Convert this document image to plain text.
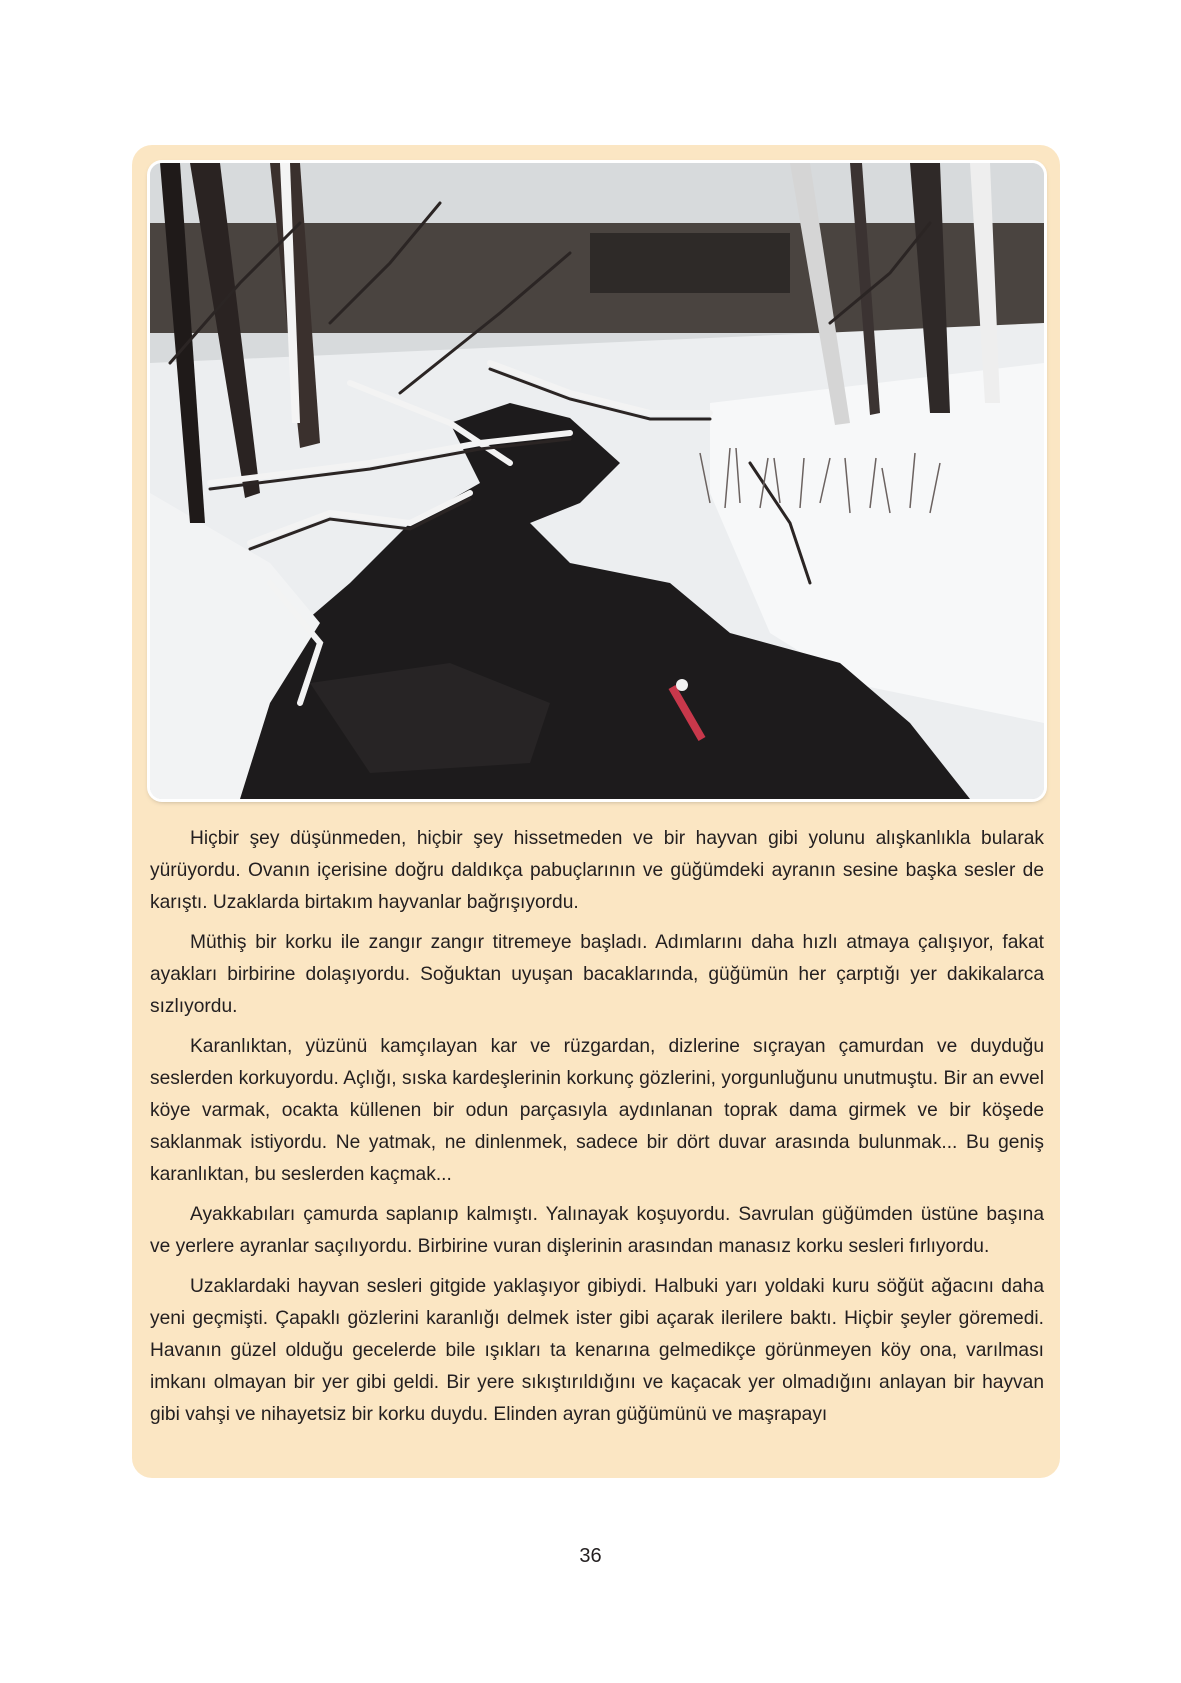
Hiçbir şey düşünmeden, hiçbir şey hissetmeden ve bir hayvan gibi yolunu alışkanlıkla bularak yürüyordu. Ovanın içerisine doğru daldıkça pabuçlarının ve güğümdeki ayranın sesine başka sesler de karıştı. Uzaklarda birtakım hayvanlar bağrışıyordu.

Müthiş bir korku ile zangır zangır titremeye başladı. Adımlarını daha hızlı atmaya çalışıyor, fakat ayakları birbirine dolaşıyordu. Soğuktan uyuşan bacaklarında, güğümün her çarptığı yer dakikalarca sızlıyordu.

Karanlıktan, yüzünü kamçılayan kar ve rüzgardan, dizlerine sıçrayan çamurdan ve duyduğu seslerden korkuyordu. Açlığı, sıska kardeşlerinin korkunç gözlerini, yorgunluğunu unutmuştu. Bir an evvel köye varmak, ocakta küllenen bir odun parçasıyla aydınlanan toprak dama girmek ve bir köşede saklanmak istiyordu. Ne yatmak, ne dinlenmek, sadece bir dört duvar arasında bulunmak... Bu geniş karanlıktan, bu seslerden kaçmak...

Ayakkabıları çamurda saplanıp kalmıştı. Yalınayak koşuyordu. Savrulan güğümden üstüne başına ve yerlere ayranlar saçılıyordu. Birbirine vuran dişlerinin arasından manasız korku sesleri fırlıyordu.

Uzaklardaki hayvan sesleri gitgide yaklaşıyor gibiydi. Halbuki yarı yoldaki kuru söğüt ağacını daha yeni geçmişti. Çapaklı gözlerini karanlığı delmek ister gibi açarak ilerilere baktı. Hiçbir şeyler göremedi. Havanın güzel olduğu gecelerde bile ışıkları ta kenarına gelmedikçe görünmeyen köy ona, varılması imkanı olmayan bir yer gibi geldi. Bir yere sıkıştırıldığını ve kaçacak yer olmadığını anlayan bir hayvan gibi vahşi ve nihayetsiz bir korku duydu. Elinden ayran güğümünü ve maşrapayı

36
